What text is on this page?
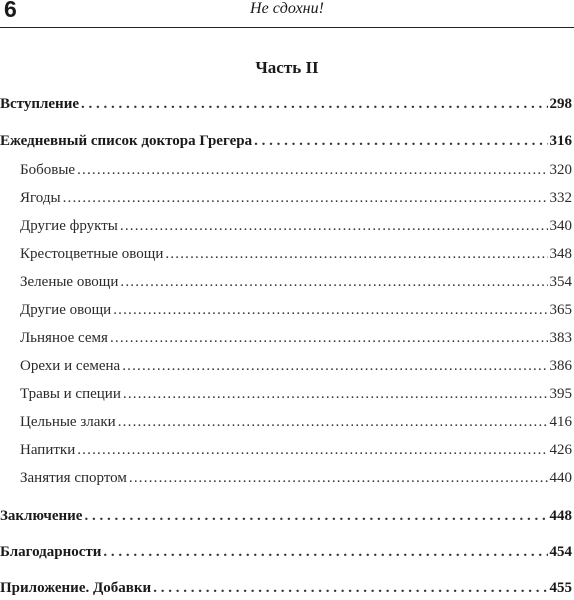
6	Не сдохни!
Часть II
Вступление . . .	298
Ежедневный список доктора Грегера . . .	316
Бобовые .....	320
Ягоды .....	332
Другие фрукты .....	340
Крестоцветные овощи .....	348
Зеленые овощи .....	354
Другие овощи .....	365
Льняное семя .....	383
Орехи и семена .....	386
Травы и специи .....	395
Цельные злаки .....	416
Напитки .....	426
Занятия спортом .....	440
Заключение . . .	448
Благодарности . . .	454
Приложение. Добавки . . .	455
